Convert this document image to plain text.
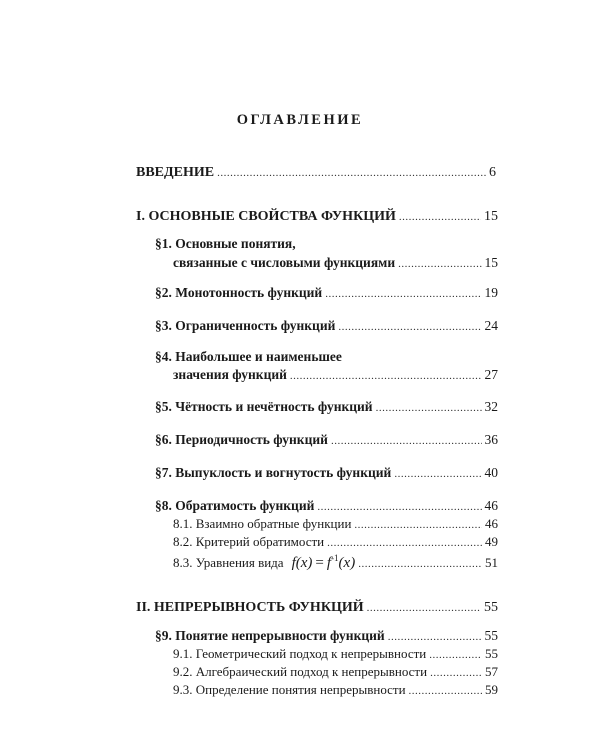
ОГЛАВЛЕНИЕ
ВВЕДЕНИЕ .....	6
I. ОСНОВНЫЕ СВОЙСТВА ФУНКЦИЙ .....	15
§1. Основные понятия,
связанные с числовыми функциями .....	15
§2. Монотонность функций .....	19
§3. Ограниченность функций .....	24
§4. Наибольшее и наименьшее
значения функций .....	27
§5. Чётность и нечётность функций .....	32
§6. Периодичность функций .....	36
§7. Выпуклость и вогнутость функций .....	40
§8. Обратимость функций .....	46
8.1. Взаимно обратные функции .....	46
8.2. Критерий обратимости .....	49
8.3. Уравнения вида $f(x) = f^{-1}(x)$ .....	51
II. НЕПРЕРЫВНОСТЬ ФУНКЦИЙ .....	55
§9. Понятие непрерывности функций .....	55
9.1. Геометрический подход к непрерывности .....	55
9.2. Алгебраический подход к непрерывности .....	57
9.3. Определение понятия непрерывности .....	59
